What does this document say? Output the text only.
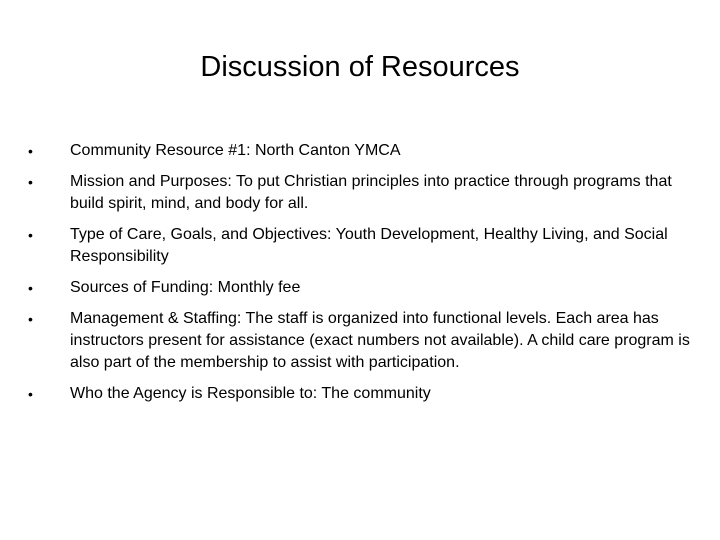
Discussion of Resources
•	Community Resource #1: North Canton YMCA
•	Mission and Purposes: To put Christian principles into practice through programs that build spirit, mind, and body for all.
•	Type of Care, Goals, and Objectives: Youth Development, Healthy Living, and Social Responsibility
•	Sources of Funding: Monthly fee
•	Management & Staffing: The staff is organized into functional levels. Each area has instructors present for assistance (exact numbers not available). A child care program is also part of the membership to assist with participation.
•	Who the Agency is Responsible to: The community
